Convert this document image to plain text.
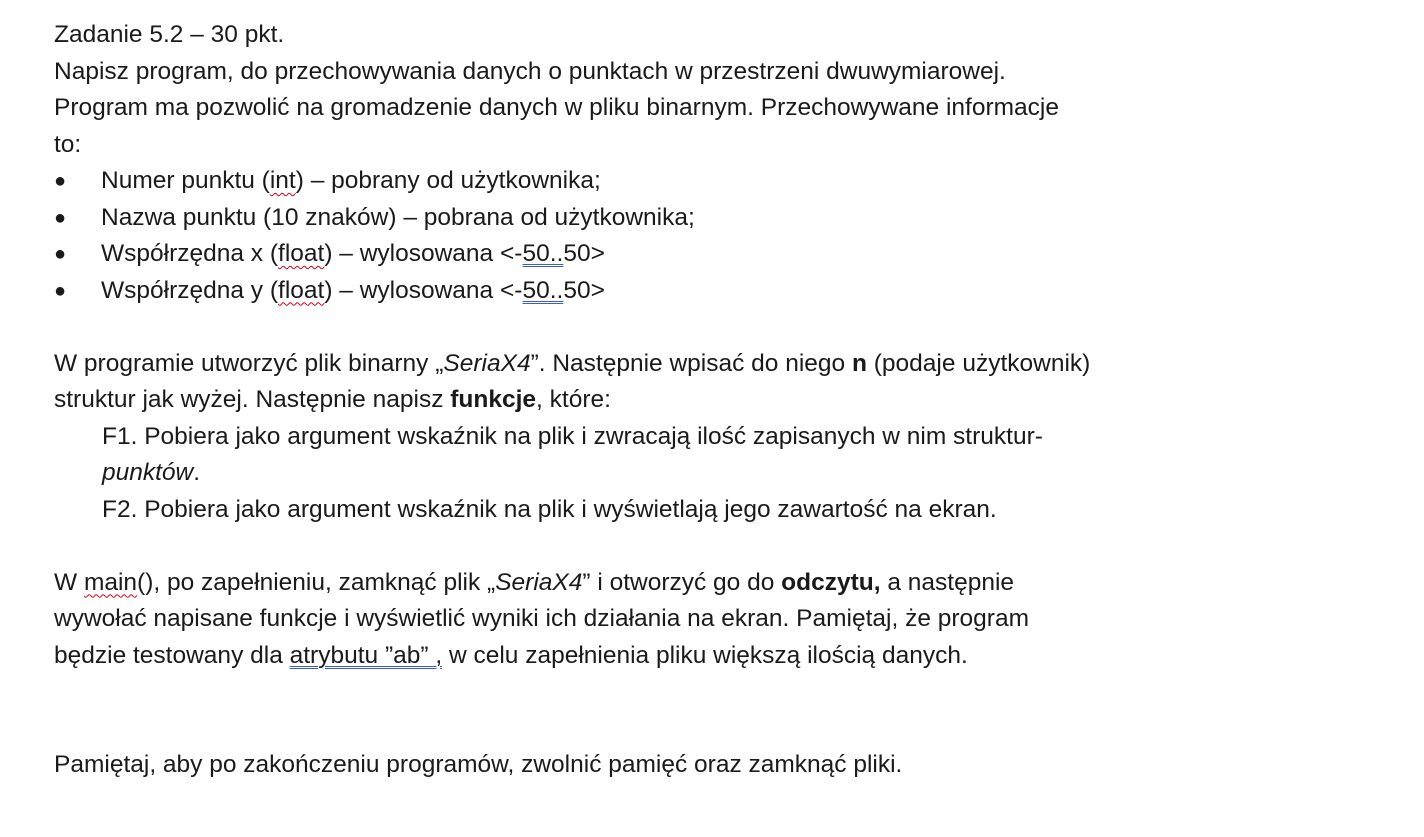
Zadanie 5.2 – 30 pkt.

Napisz program, do przechowywania danych o punktach w przestrzeni dwuwymiarowej.

Program ma pozwolić na gromadzenie danych w pliku binarnym. Przechowywane informacje

to:

● Numer punktu (int) – pobrany od użytkownika;
● Nazwa punktu (10 znaków) – pobrana od użytkownika;
● Współrzędna x (float) – wylosowana <-50..50>
● Współrzędna y (float) – wylosowana <-50..50>

W programie utworzyć plik binarny „SeriaX4”. Następnie wpisać do niego n (podaje użytkownik)

struktur jak wyżej. Następnie napisz funkcje, które:

F1. Pobiera jako argument wskaźnik na plik i zwracają ilość zapisanych w nim struktur-

punktów.

F2. Pobiera jako argument wskaźnik na plik i wyświetlają jego zawartość na ekran.

W main(), po zapełnieniu, zamknąć plik „SeriaX4” i otworzyć go do odczytu, a następnie

wywołać napisane funkcje i wyświetlić wyniki ich działania na ekran. Pamiętaj, że program

będzie testowany dla atrybutu ”ab” , w celu zapełnienia pliku większą ilością danych.

Pamiętaj, aby po zakończeniu programów, zwolnić pamięć oraz zamknąć pliki.
